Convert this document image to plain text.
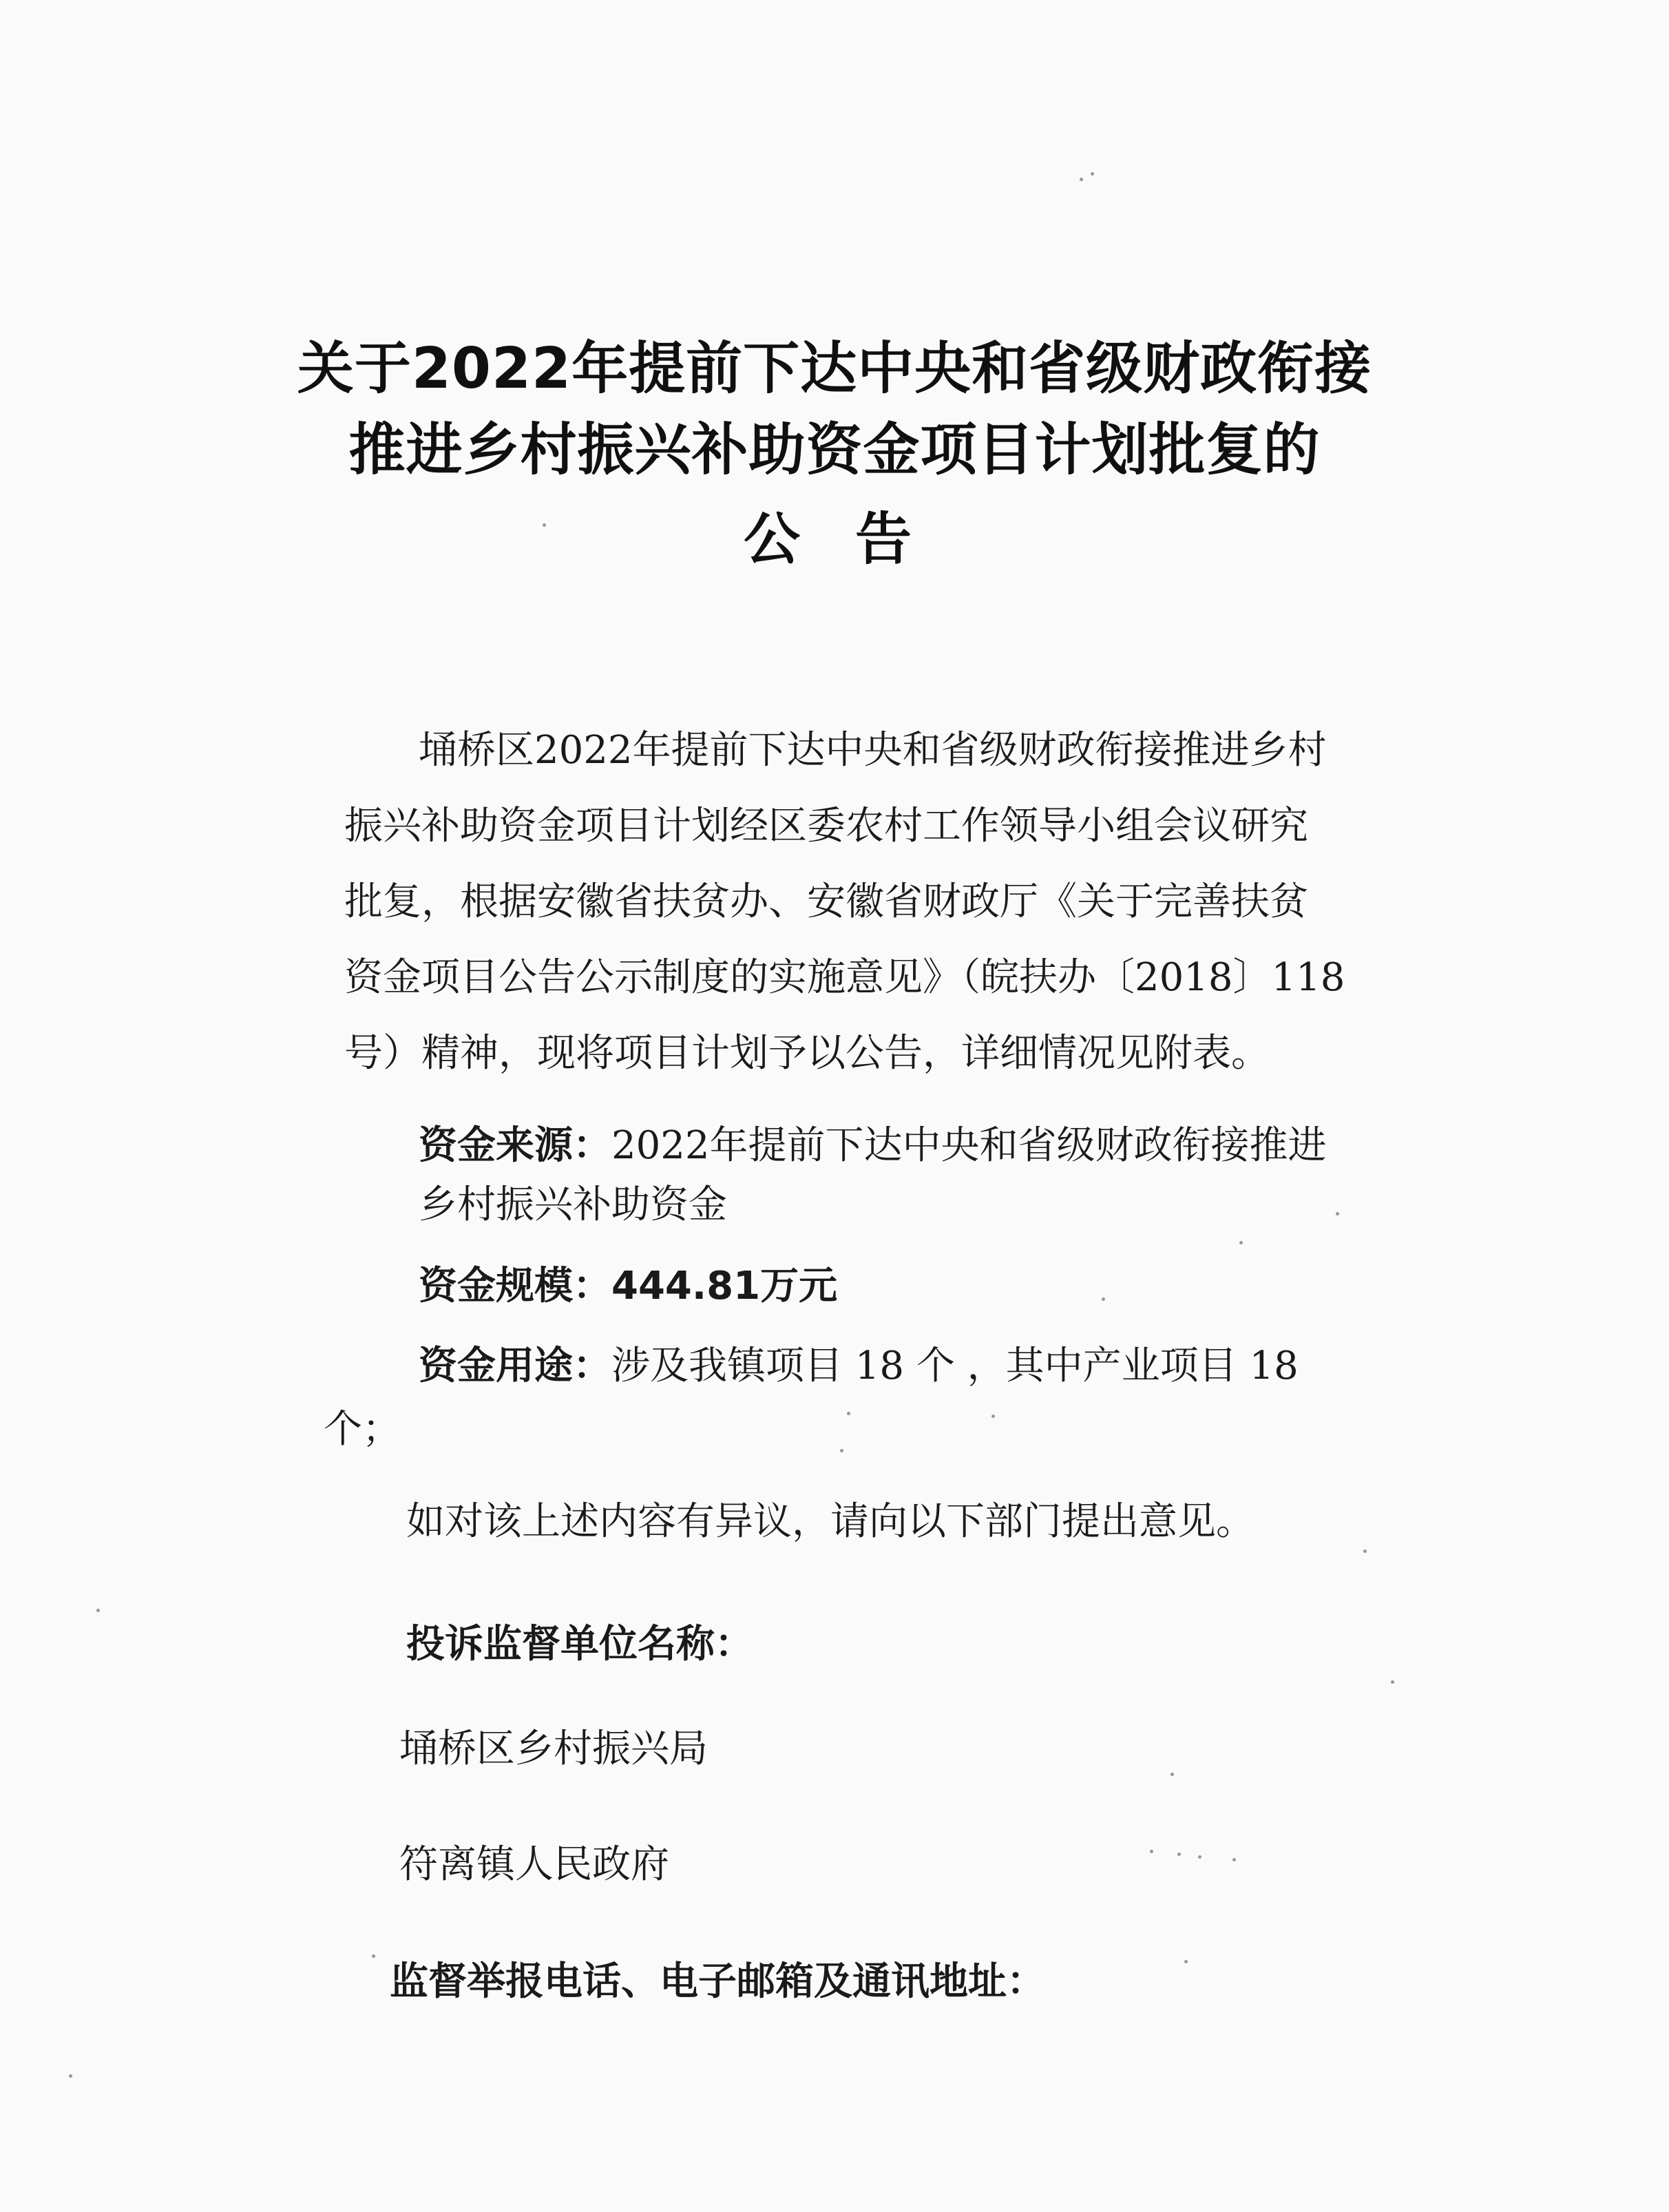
关于2022年提前下达中央和省级财政衔接
推进乡村振兴补助资金项目计划批复的
公告
埇桥区2022年提前下达中央和省级财政衔接推进乡村
振兴补助资金项目计划经区委农村工作领导小组会议研究
批复，根据安徽省扶贫办、安徽省财政厅《关于完善扶贫
资金项目公告公示制度的实施意见》（皖扶办〔2018〕118
号）精神，现将项目计划予以公告，详细情况见附表。
资金来源： 2022年提前下达中央和省级财政衔接推进
乡村振兴补助资金
资金规模： 444.81万元
资金用途： 涉及我镇项目 18 个 ，其中产业项目 18
个；
如对该上述内容有异议，请向以下部门提出意见。
投诉监督单位名称：
埇桥区乡村振兴局
符离镇人民政府
监督举报电话、电子邮箱及通讯地址：
